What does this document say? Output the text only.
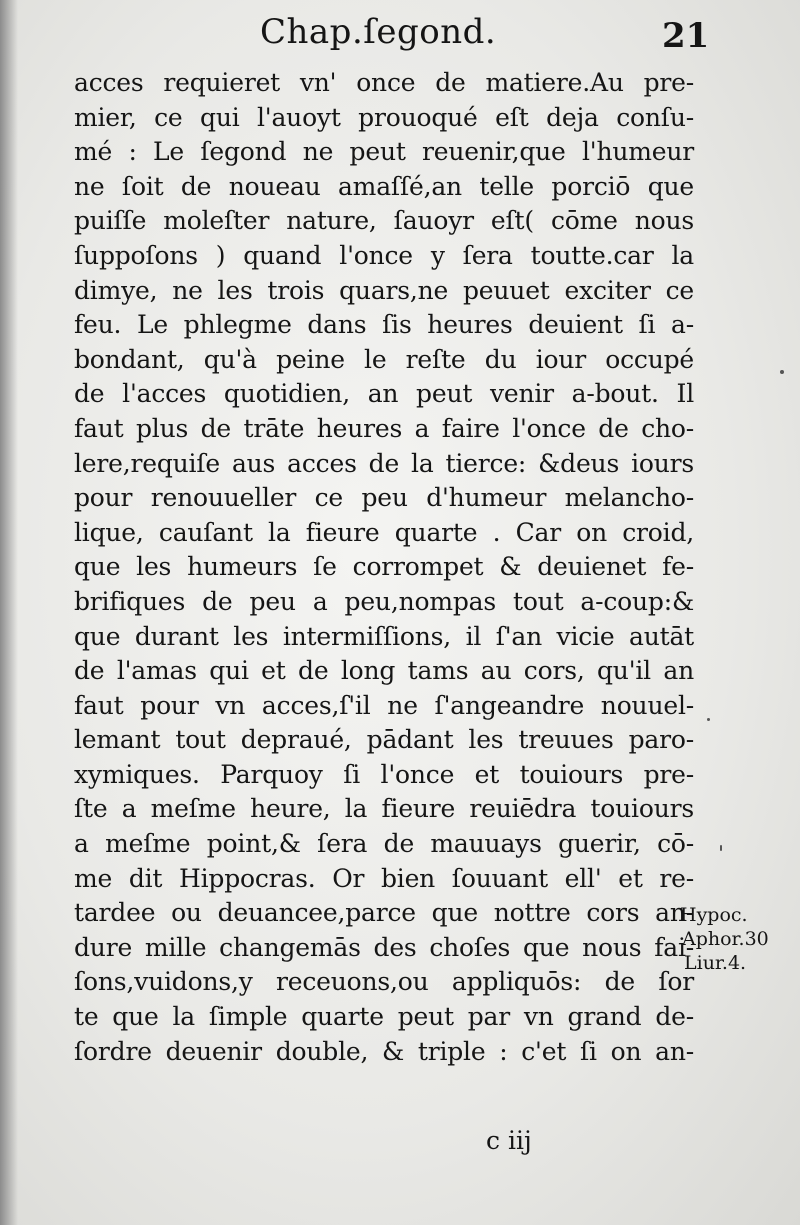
Chap.ſegond.	21
acces requieret vn' once de matiere.Au pre-
mier, ce qui l'auoyt prouoqué eſt deja conſu-
mé : Le ſegond ne peut reuenir,que l'humeur
ne ſoit de noueau amaſſé,an telle porciō que
puiſſe moleſter nature, ſauoyr eſt( cōme nous
ſuppoſons ) quand l'once y ſera toutte.car la
dimye, ne les trois quars,ne peuuet exciter ce
feu. Le phlegme dans ſis heures deuient ſi a-
bondant, qu'à peine le reſte du iour occupé
de l'acces quotidien, an peut venir a-bout. Il
faut plus de trāte heures a faire l'once de cho-
lere,requiſe aus acces de la tierce: &deus iours
pour renouueller ce peu d'humeur melancho-
lique, cauſant la fieure quarte . Car on croid,
que les humeurs ſe corrompet & deuienet fe-
brifiques de peu a peu,nompas tout a-coup:&
que durant les intermiſſions, il ſ'an vicie autāt
de l'amas qui et de long tams au cors, qu'il an
faut pour vn acces,ſ'il ne ſ'angeandre nouuel-
lemant tout depraué, pādant les treuues paro-
xymiques. Parquoy ſi l'once et touiours pre-
ſte a meſme heure, la fieure reuiēdra touiours
a meſme point,& ſera de mauuays guerir, cō-
me dit Hippocras. Or bien ſouuant ell' et re-
tardee ou deuancee,parce que nottre cors an-
dure mille changemās des choſes que nous fai-
ſons,vuidons,y receuons,ou appliquōs: de ſor
te que la ſimple quarte peut par vn grand de-
ſordre deuenir double, & triple : c'et ſi on an-
Hypoc.
Aphor.30
Liur.4.
c iij
